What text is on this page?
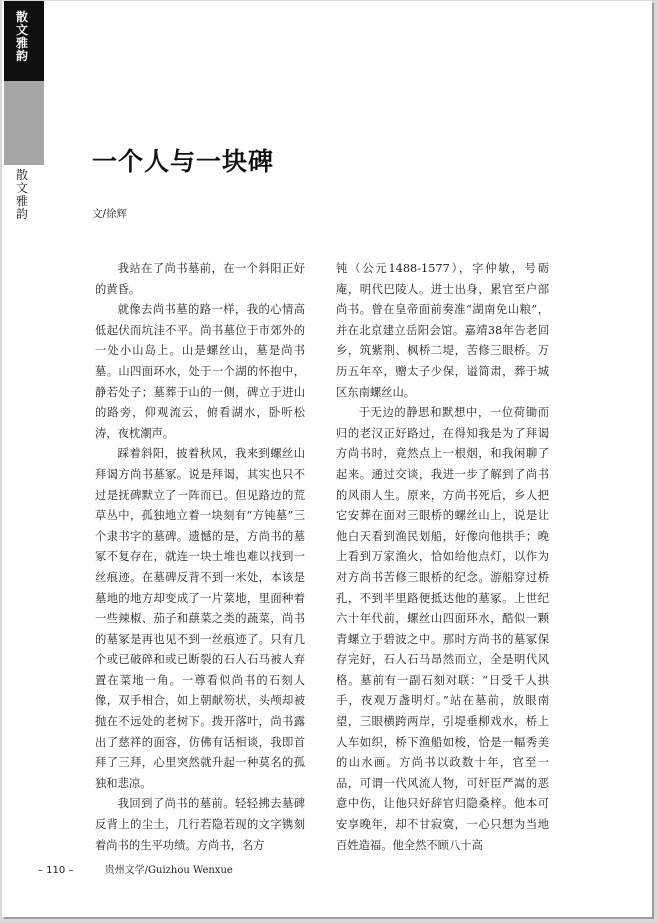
散文雅韵
散文雅韵
一个人与一块碑
文/徐辉

我站在了尚书墓前，在一个斜阳正好的黄昏。

就像去尚书墓的路一样，我的心情高低起伏而坑洼不平。尚书墓位于市郊外的一处小山岛上。山是螺丝山，墓是尚书墓。山四面环水，处于一个湖的怀抱中，静若处子；墓葬于山的一侧，碑立于进山的路旁，仰观流云，俯看湖水，卧听松涛，夜枕潮声。

踩着斜阳，披着秋风，我来到螺丝山拜谒方尚书墓冢。说是拜谒，其实也只不过是抚碑默立了一阵而已。但见路边的荒草丛中，孤独地立着一块刻有“方钝墓”三个隶书字的墓碑。遗憾的是，方尚书的墓冢不复存在，就连一块土堆也难以找到一丝痕迹。在墓碑反背不到一米处，本该是墓地的地方却变成了一片菜地，里面种着一些辣椒、茄子和蕻菜之类的蔬菜，尚书的墓冢是再也见不到一丝痕迹了。只有几个或已破碎和或已断裂的石人石马被人弃置在菜地一角。一尊看似尚书的石刻人像，双手相合，如上朝献笏状，头颅却被抛在不远处的老树下。拨开落叶，尚书露出了慈祥的面容，仿佛有话相谈，我即首拜了三拜，心里突然就升起一种莫名的孤独和悲凉。

我回到了尚书的墓前。轻轻拂去墓碑反背上的尘土，几行若隐若现的文字镌刻着尚书的生平功绩。方尚书，名方

钝（公元1488-1577），字仲敏，号砺庵，明代巴陵人。进士出身，累官至户部尚书。曾在皇帝面前奏准“湖南免山粮”，并在北京建立岳阳会馆。嘉靖38年告老回乡，筑紫荆、枫桥二堤，苦修三眼桥。万历五年卒，赠太子少保，谥简肃，葬于城区东南螺丝山。

于无边的静思和默想中，一位荷锄而归的老汉正好路过，在得知我是为了拜谒方尚书时，竟然点上一根烟，和我闲聊了起来。通过交谈，我进一步了解到了尚书的风雨人生。原来，方尚书死后，乡人把它安葬在面对三眼桥的螺丝山上，说是让他白天看到渔民划船，好像向他拱手；晚上看到万家渔火，恰如给他点灯，以作为对方尚书苦修三眼桥的纪念。游船穿过桥孔，不到半里路便抵达他的墓冢。上世纪六十年代前，螺丝山四面环水，酷似一颗青螺立于碧波之中。那时方尚书的墓冢保存完好，石人石马昂然而立，全是明代风格。墓前有一副石刻对联：“日受千人拱手，夜观万盏明灯。”站在墓前，放眼南望，三眼横跨两岸，引堤垂柳戏水，桥上人车如织，桥下渔船如梭，恰是一幅秀美的山水画。方尚书以政数十年，官至一品，可谓一代风流人物，可奸臣严嵩的恶意中伤，让他只好辞官归隐桑梓。他本可安享晚年，却不甘寂寞，一心只想为当地百姓造福。他全然不顾八十高

– 110 –	贵州文学/Guizhou Wenxue
